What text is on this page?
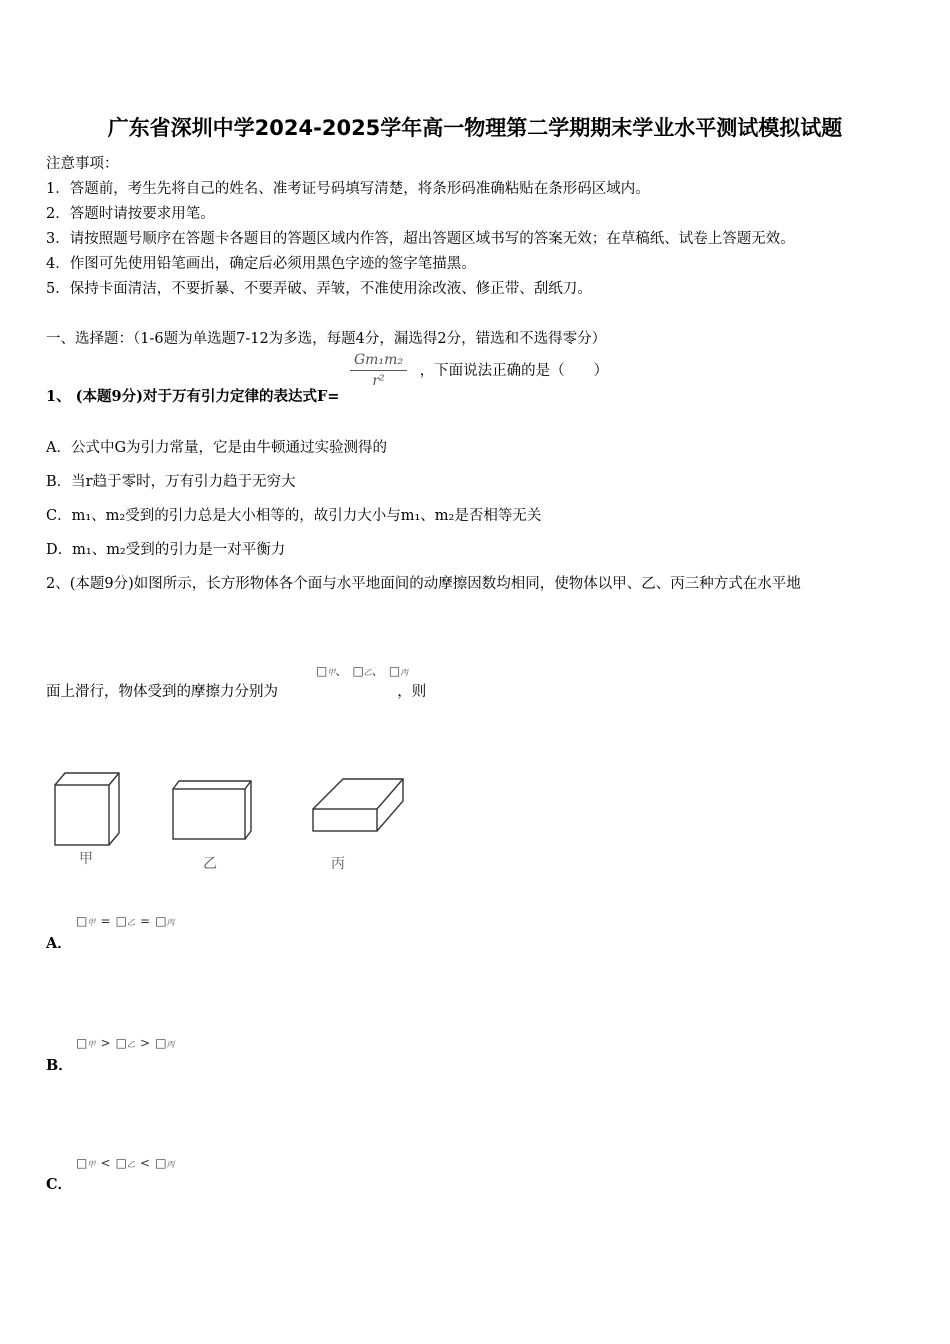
广东省深圳中学2024-2025学年高一物理第二学期期末学业水平测试模拟试题
注意事项：
1．答题前，考生先将自己的姓名、准考证号码填写清楚，将条形码准确粘贴在条形码区域内。
2．答题时请按要求用笔。
3．请按照题号顺序在答题卡各题目的答题区域内作答，超出答题区域书写的答案无效；在草稿纸、试卷上答题无效。
4．作图可先使用铅笔画出，确定后必须用黑色字迹的签字笔描黑。
5．保持卡面清洁，不要折暴、不要弄破、弄皱，不准使用涂改液、修正带、刮纸刀。
一、选择题：（1-6题为单选题7-12为多选，每题4分，漏选得2分，错选和不选得零分）
1、 (本题9分)对于万有引力定律的表达式F=
$\frac{\text{Gm₁m₂}}{\text{r²}}$ ，下面说法正确的是（　　）
A．公式中G为引力常量，它是由牛顿通过实验测得的
B．当r趋于零时，万有引力趋于无穷大
C．m₁、m₂受到的引力总是大小相等的，故引力大小与m₁、m₂是否相等无关
D．m₁、m₂受到的引力是一对平衡力
2、(本题9分)如图所示，长方形物体各个面与水平地面间的动摩擦因数均相同，使物体以甲、乙、丙三种方式在水平地
面上滑行，物体受到的摩擦力分别为	，则
□甲、 □乙、 □丙
甲	乙	丙
□甲 = □乙 = □丙
A．
□甲 > □乙 > □丙
B．
□甲 < □乙 < □丙
C．
